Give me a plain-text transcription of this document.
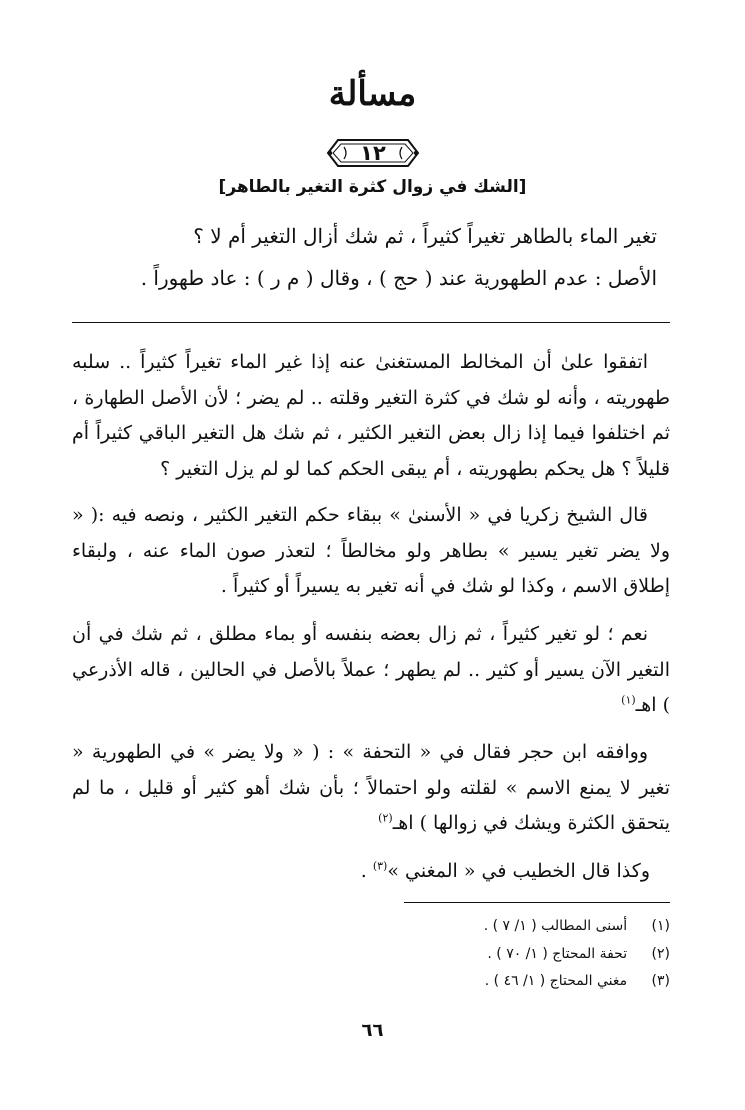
مسألة
١٢
[الشك في زوال كثرة التغير بالطاهر]
تغير الماء بالطاهر تغيراً كثيراً ، ثم شك أزال التغير أم لا ؟
الأصل : عدم الطهورية عند ( حج ) ، وقال ( م ر ) : عاد طهوراً .

اتفقوا علىٰ أن المخالط المستغنىٰ عنه إذا غير الماء تغيراً كثيراً .. سلبه طهوريته ، وأنه لو شك في كثرة التغير وقلته .. لم يضر ؛ لأن الأصل الطهارة ، ثم اختلفوا فيما إذا زال بعض التغير الكثير ، ثم شك هل التغير الباقي كثيراً أم قليلاً ؟ هل يحكم بطهوريته ، أم يبقى الحكم كما لو لم يزل التغير ؟

قال الشيخ زكريا في « الأسنىٰ » ببقاء حكم التغير الكثير ، ونصه فيه :( « ولا يضر تغير يسير » بطاهر ولو مخالطاً ؛ لتعذر صون الماء عنه ، ولبقاء إطلاق الاسم ، وكذا لو شك في أنه تغير به يسيراً أو كثيراً .

نعم ؛ لو تغير كثيراً ، ثم زال بعضه بنفسه أو بماء مطلق ، ثم شك في أن التغير الآن يسير أو كثير .. لم يطهر ؛ عملاً بالأصل في الحالين ، قاله الأذرعي ) اهـ$^{(١)}$

ووافقه ابن حجر فقال في « التحفة » : ( « ولا يضر » في الطهورية « تغير لا يمنع الاسم » لقلته ولو احتمالاً ؛ بأن شك أهو كثير أو قليل ، ما لم يتحقق الكثرة ويشك في زوالها ) اهـ$^{(٢)}$

وكذا قال الخطيب في « المغني »$^{(٣)}$ .

(١)  أسنى المطالب ( ١/ ٧ ) .
(٢)  تحفة المحتاج ( ١/ ٧٠ ) .
(٣)  مغني المحتاج ( ١/ ٤٦ ) .
٦٦
